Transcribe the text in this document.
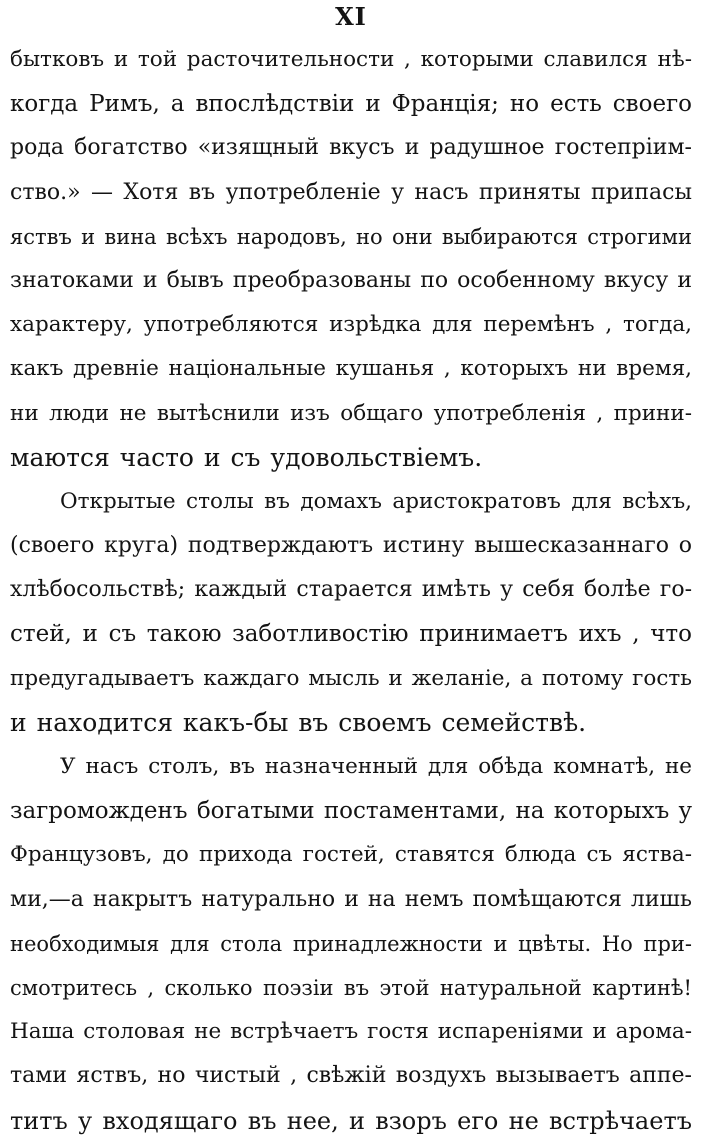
XI
бытковъ и той расточительности , которыми славился нѣ-
когда Римъ, а впослѣдствіи и Франція; но есть своего
рода богатство «изящный вкусъ и радушное гостепріим-
ство.» — Хотя въ употребленіе у насъ приняты припасы
яствъ и вина всѣхъ народовъ, но они выбираются строгими
знатоками и бывъ преобразованы по особенному вкусу и
характеру, употребляются изрѣдка для перемѣнъ , тогда,
какъ древніе національные кушанья , которыхъ ни время,
ни люди не вытѣснили изъ общаго употребленія , прини-
маются часто и съ удовольствіемъ.
Открытые столы въ домахъ аристократовъ для всѣхъ,
(своего круга) подтверждаютъ истину вышесказаннаго о
хлѣбосольствѣ; каждый старается имѣть у себя болѣе го-
стей, и съ такою заботливостію принимаетъ ихъ , что
предугадываетъ каждаго мысль и желаніе, а потому гость
и находится какъ-бы въ своемъ семействѣ.
У насъ столъ, въ назначенный для обѣда комнатѣ, не
загроможденъ богатыми постаментами, на которыхъ у
Французовъ, до прихода гостей, ставятся блюда съ яства-
ми,—а накрытъ натурально и на немъ помѣщаются лишь
необходимыя для стола принадлежности и цвѣты. Но при-
смотритесь , сколько поэзіи въ этой натуральной картинѣ!
Наша столовая не встрѣчаетъ гостя испареніями и арома-
тами яствъ, но чистый , свѣжій воздухъ вызываетъ аппе-
титъ у входящаго въ нее, и взоръ его не встрѣчаетъ
